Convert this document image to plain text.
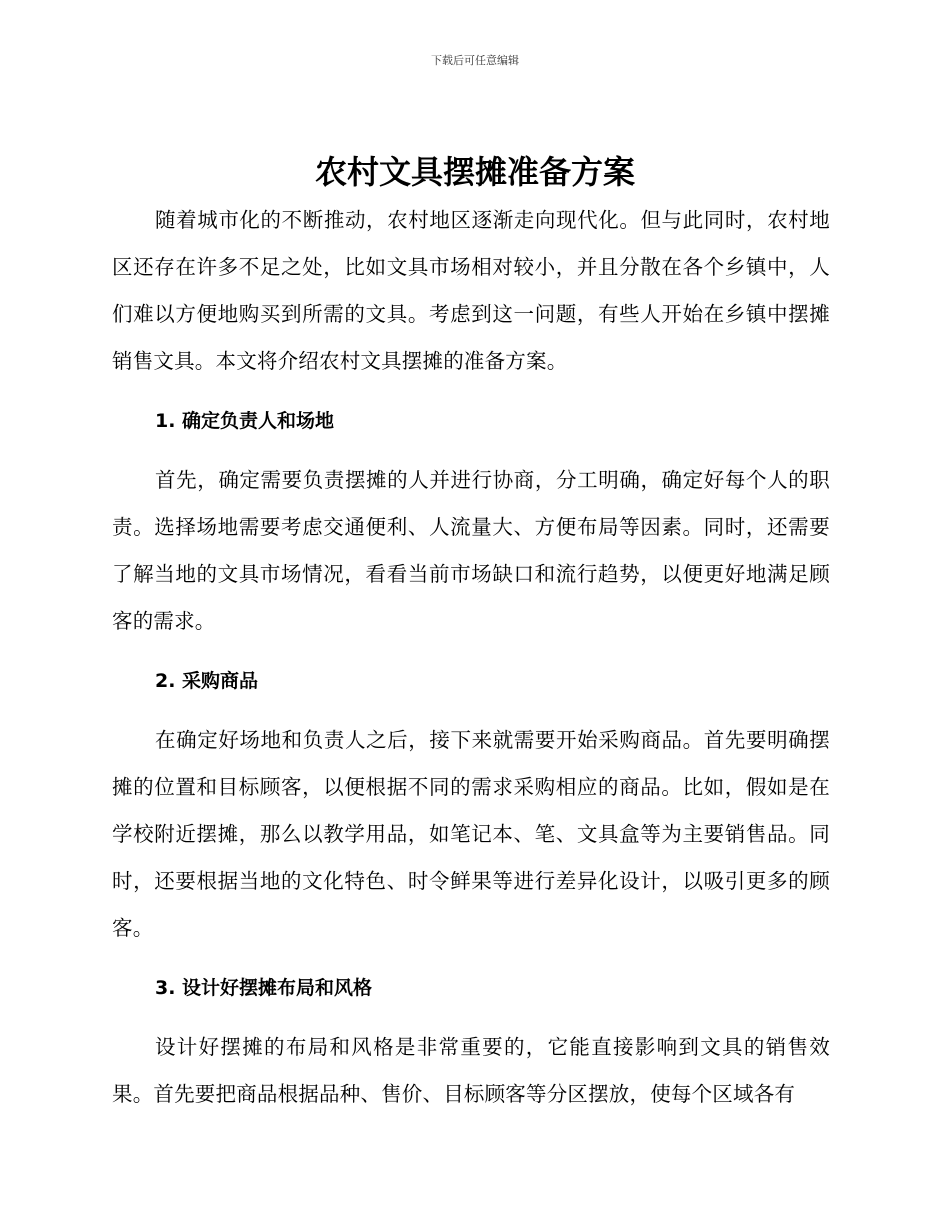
下载后可任意编辑
农村文具摆摊准备方案

随着城市化的不断推动，农村地区逐渐走向现代化。但与此同时，农村地区还存在许多不足之处，比如文具市场相对较小，并且分散在各个乡镇中，人们难以方便地购买到所需的文具。考虑到这一问题，有些人开始在乡镇中摆摊销售文具。本文将介绍农村文具摆摊的准备方案。

1. 确定负责人和场地

首先，确定需要负责摆摊的人并进行协商，分工明确，确定好每个人的职责。选择场地需要考虑交通便利、人流量大、方便布局等因素。同时，还需要了解当地的文具市场情况，看看当前市场缺口和流行趋势，以便更好地满足顾客的需求。

2. 采购商品

在确定好场地和负责人之后，接下来就需要开始采购商品。首先要明确摆摊的位置和目标顾客，以便根据不同的需求采购相应的商品。比如，假如是在学校附近摆摊，那么以教学用品，如笔记本、笔、文具盒等为主要销售品。同时，还要根据当地的文化特色、时令鲜果等进行差异化设计，以吸引更多的顾客。

3. 设计好摆摊布局和风格

设计好摆摊的布局和风格是非常重要的，它能直接影响到文具的销售效果。首先要把商品根据品种、售价、目标顾客等分区摆放，使每个区域各有
